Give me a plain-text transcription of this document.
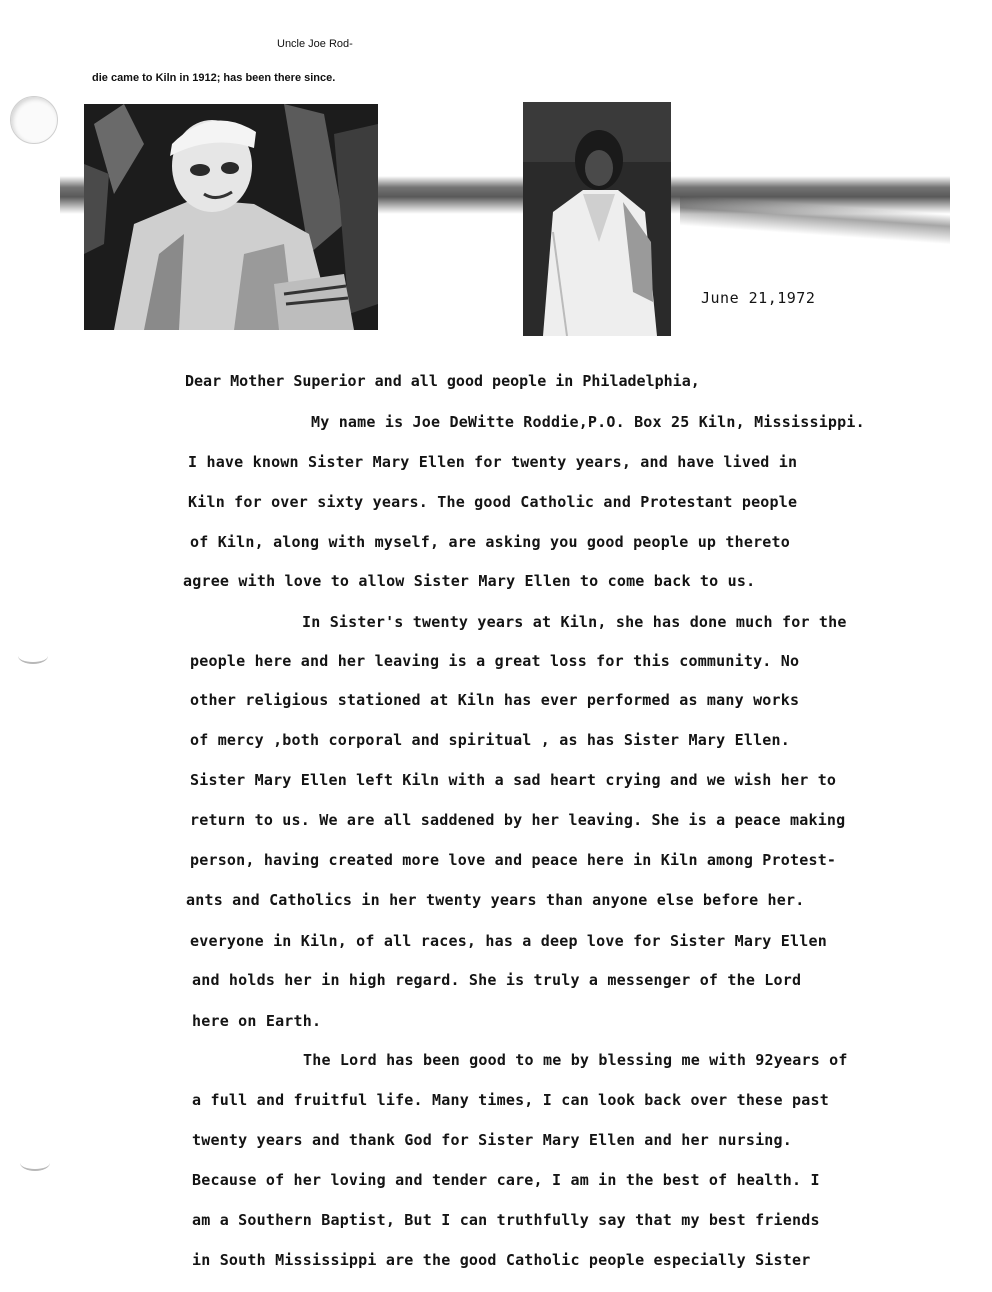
Uncle Joe Rod-
die came to Kiln in 1912; has been there since.
June 21,1972
Dear Mother Superior and all good people in Philadelphia,
My name is Joe DeWitte Roddie,P.O. Box 25 Kiln, Mississippi.
I have known Sister Mary Ellen for twenty years, and have lived in
Kiln for over sixty years. The good Catholic and Protestant people
of Kiln, along with myself, are asking you good people up thereto
agree with love to allow Sister Mary Ellen to come back to us.
In Sister's twenty years at Kiln, she has done much for the
people here and her leaving is a great loss for this community. No
other religious stationed at Kiln has ever performed as many works
of mercy ,both corporal and spiritual , as has Sister Mary Ellen.
Sister Mary Ellen left Kiln with a sad heart crying and we wish her to
return to us. We are all saddened by her leaving. She is a peace making
person, having created more love and peace here in Kiln among Protest-
ants and Catholics in her twenty years than anyone else before her.
everyone in Kiln, of all races, has a deep love for Sister Mary Ellen
and holds her in high regard. She is truly a messenger of the Lord
here on Earth.
The Lord has been good to me by blessing me with 92years of
a full and fruitful life. Many times, I can look back over these past
twenty years and thank God for Sister Mary Ellen and her nursing.
Because of her loving and tender care, I am in the best of health. I
am a Southern Baptist, But I can truthfully say that my best friends
in South Mississippi are the good Catholic people especially Sister
